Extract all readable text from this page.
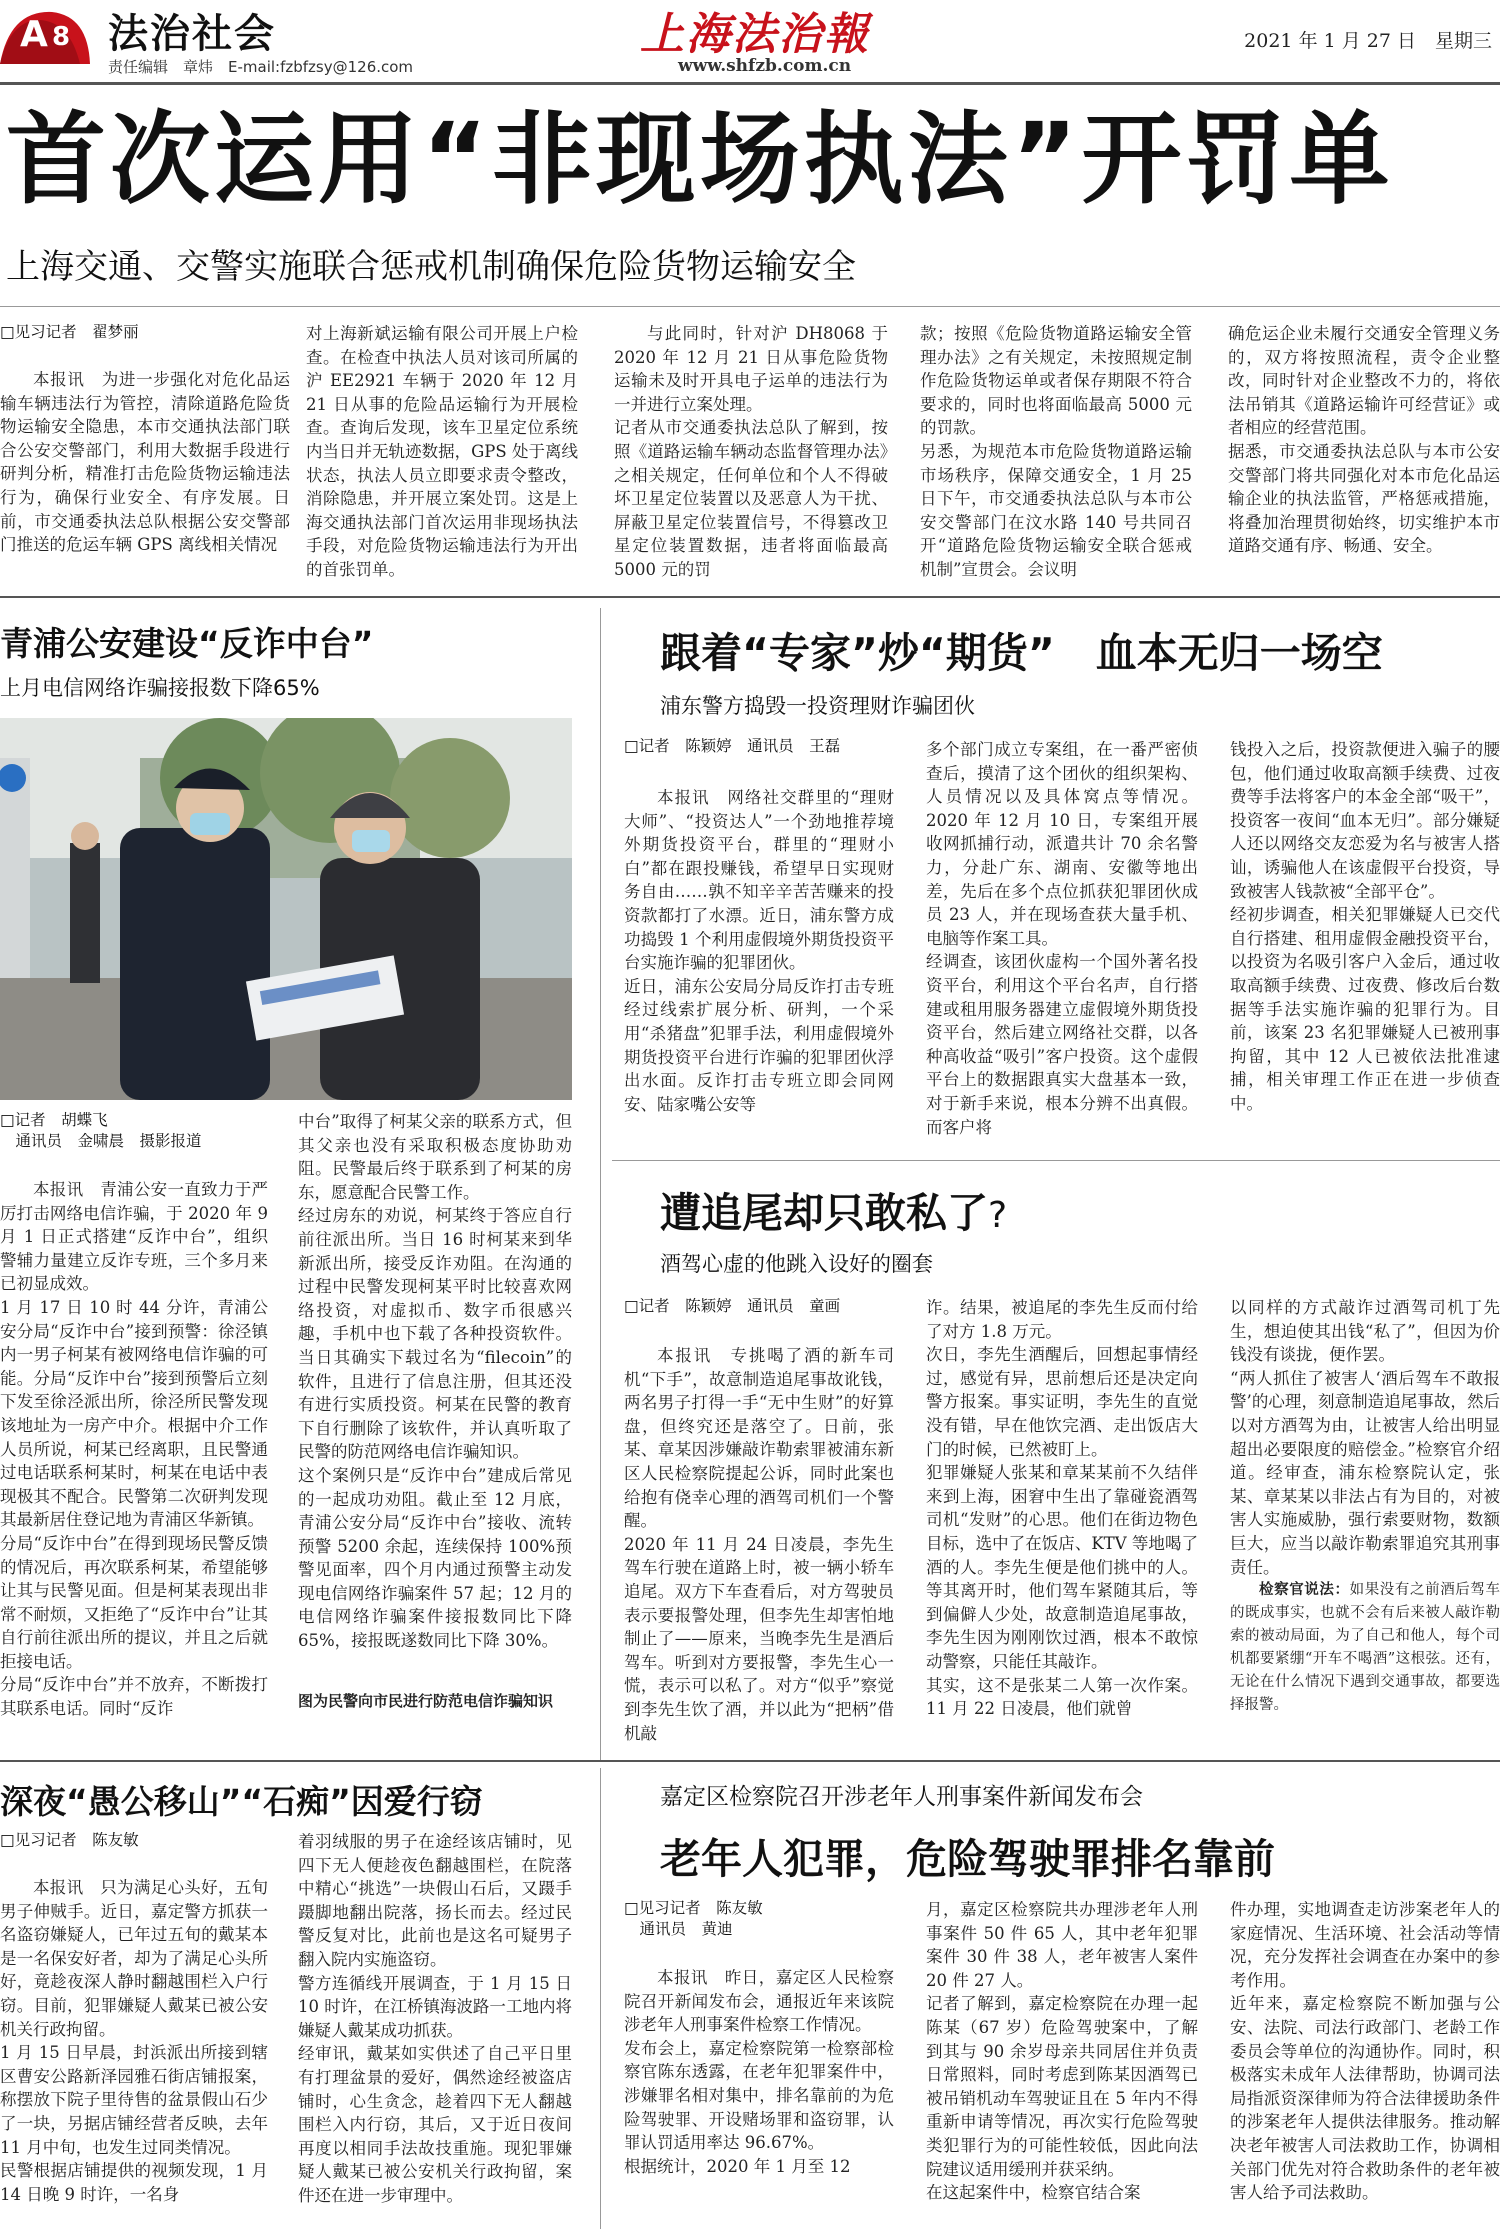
A 8 法治社会
责任编辑　章炜　E-mail:fzbfzsy@126.com
上海法治報
www.shfzb.com.cn
2021 年 1 月 27 日　星期三
首次运用“非现场执法”开罚单
上海交通、交警实施联合惩戒机制确保危险货物运输安全
□见习记者　翟梦丽
本报讯　为进一步强化对危化品运输车辆违法行为管控，清除道路危险货物运输安全隐患，本市交通执法部门联合公安交警部门，利用大数据手段进行研判分析，精准打击危险货物运输违法行为，确保行业安全、有序发展。日前，市交通委执法总队根据公安交警部门推送的危运车辆 GPS 离线相关情况
对上海新斌运输有限公司开展上户检查。在检查中执法人员对该司所属的沪 EE2921 车辆于 2020 年 12 月 21 日从事的危险品运输行为开展检查。查询后发现，该车卫星定位系统内当日并无轨迹数据，GPS 处于离线状态，执法人员立即要求责令整改，消除隐患，并开展立案处罚。这是上海交通执法部门首次运用非现场执法手段，对危险货物运输违法行为开出的首张罚单。
与此同时，针对沪 DH8068 于 2020 年 12 月 21 日从事危险货物运输未及时开具电子运单的违法行为一并进行立案处理。
记者从市交通委执法总队了解到，按照《道路运输车辆动态监督管理办法》之相关规定，任何单位和个人不得破坏卫星定位装置以及恶意人为干扰、屏蔽卫星定位装置信号，不得篡改卫星定位装置数据，违者将面临最高 5000 元的罚
款；按照《危险货物道路运输安全管理办法》之有关规定，未按照规定制作危险货物运单或者保存期限不符合要求的，同时也将面临最高 5000 元的罚款。
另悉，为规范本市危险货物道路运输市场秩序，保障交通安全，1 月 25 日下午，市交通委执法总队与本市公安交警部门在汶水路 140 号共同召开“道路危险货物运输安全联合惩戒机制”宣贯会。会议明
确危运企业未履行交通安全管理义务的，双方将按照流程，责令企业整改，同时针对企业整改不力的，将依法吊销其《道路运输许可经营证》或者相应的经营范围。
据悉，市交通委执法总队与本市公安交警部门将共同强化对本市危化品运输企业的执法监管，严格惩戒措施，将叠加治理贯彻始终，切实维护本市道路交通有序、畅通、安全。
青浦公安建设“反诈中台”
上月电信网络诈骗接报数下降65%
□记者　胡蝶飞
　通讯员　金啸晨　摄影报道
本报讯　青浦公安一直致力于严厉打击网络电信诈骗，于 2020 年 9 月 1 日正式搭建“反诈中台”，组织警辅力量建立反诈专班，三个多月来已初显成效。
1 月 17 日 10 时 44 分许，青浦公安分局“反诈中台”接到预警：徐泾镇内一男子柯某有被网络电信诈骗的可能。分局“反诈中台”接到预警后立刻下发至徐泾派出所，徐泾所民警发现该地址为一房产中介。根据中介工作人员所说，柯某已经离职，且民警通过电话联系柯某时，柯某在电话中表现极其不配合。民警第二次研判发现其最新居住登记地为青浦区华新镇。
分局“反诈中台”在得到现场民警反馈的情况后，再次联系柯某，希望能够让其与民警见面。但是柯某表现出非常不耐烦，又拒绝了“反诈中台”让其自行前往派出所的提议，并且之后就拒接电话。
分局“反诈中台”并不放弃，不断拨打其联系电话。同时“反诈
中台”取得了柯某父亲的联系方式，但其父亲也没有采取积极态度协助劝阻。民警最后终于联系到了柯某的房东，愿意配合民警工作。
经过房东的劝说，柯某终于答应自行前往派出所。当日 16 时柯某来到华新派出所，接受反诈劝阻。在沟通的过程中民警发现柯某平时比较喜欢网络投资，对虚拟币、数字币很感兴趣，手机中也下载了各种投资软件。当日其确实下载过名为“filecoin”的软件，且进行了信息注册，但其还没有进行实质投资。柯某在民警的教育下自行删除了该软件，并认真听取了民警的防范网络电信诈骗知识。
这个案例只是“反诈中台”建成后常见的一起成功劝阻。截止至 12 月底，青浦公安分局“反诈中台”接收、流转预警 5200 余起，连续保持 100%预警见面率，四个月内通过预警主动发现电信网络诈骗案件 57 起；12 月的电信网络诈骗案件接报数同比下降 65%，接报既遂数同比下降 30%。
图为民警向市民进行防范电信诈骗知识
跟着“专家”炒“期货”　血本无归一场空
浦东警方捣毁一投资理财诈骗团伙
□记者　陈颖婷　通讯员　王磊
本报讯　网络社交群里的“理财大师”、“投资达人”一个劲地推荐境外期货投资平台，群里的“理财小白”都在跟投赚钱，希望早日实现财务自由……孰不知辛辛苦苦赚来的投资款都打了水漂。近日，浦东警方成功捣毁 1 个利用虚假境外期货投资平台实施诈骗的犯罪团伙。
近日，浦东公安局分局反诈打击专班经过线索扩展分析、研判，一个采用“杀猪盘”犯罪手法，利用虚假境外期货投资平台进行诈骗的犯罪团伙浮出水面。反诈打击专班立即会同网安、陆家嘴公安等
多个部门成立专案组，在一番严密侦查后，摸清了这个团伙的组织架构、人员情况以及具体窝点等情况。2020 年 12 月 10 日，专案组开展收网抓捕行动，派遣共计 70 余名警力，分赴广东、湖南、安徽等地出差，先后在多个点位抓获犯罪团伙成员 23 人，并在现场查获大量手机、电脑等作案工具。
经调查，该团伙虚构一个国外著名投资平台，利用这个平台名声，自行搭建或租用服务器建立虚假境外期货投资平台，然后建立网络社交群，以各种高收益“吸引”客户投资。这个虚假平台上的数据跟真实大盘基本一致，对于新手来说，根本分辨不出真假。而客户将
钱投入之后，投资款便进入骗子的腰包，他们通过收取高额手续费、过夜费等手法将客户的本金全部“吸干”，投资客一夜间“血本无归”。部分嫌疑人还以网络交友恋爱为名与被害人搭讪，诱骗他人在该虚假平台投资，导致被害人钱款被“全部平仓”。
经初步调查，相关犯罪嫌疑人已交代自行搭建、租用虚假金融投资平台，以投资为名吸引客户入金后，通过收取高额手续费、过夜费、修改后台数据等手法实施诈骗的犯罪行为。目前，该案 23 名犯罪嫌疑人已被刑事拘留，其中 12 人已被依法批准逮捕，相关审理工作正在进一步侦查中。
遭追尾却只敢私了?
酒驾心虚的他跳入设好的圈套
□记者　陈颖婷　通讯员　童画
本报讯　专挑喝了酒的新车司机“下手”，故意制造追尾事故讹钱，两名男子打得一手“无中生财”的好算盘，但终究还是落空了。日前，张某、章某因涉嫌敲诈勒索罪被浦东新区人民检察院提起公诉，同时此案也给抱有侥幸心理的酒驾司机们一个警醒。
2020 年 11 月 24 日凌晨，李先生驾车行驶在道路上时，被一辆小轿车追尾。双方下车查看后，对方驾驶员表示要报警处理，但李先生却害怕地制止了——原来，当晚李先生是酒后驾车。听到对方要报警，李先生心一慌，表示可以私了。对方“似乎”察觉到李先生饮了酒，并以此为“把柄”借机敲
诈。结果，被追尾的李先生反而付给了对方 1.8 万元。
次日，李先生酒醒后，回想起事情经过，感觉有异，思前想后还是决定向警方报案。事实证明，李先生的直觉没有错，早在他饮完酒、走出饭店大门的时候，已然被盯上。
犯罪嫌疑人张某和章某某前不久结伴来到上海，困窘中生出了靠碰瓷酒驾司机“发财”的心思。他们在街边物色目标，选中了在饭店、KTV 等地喝了酒的人。李先生便是他们挑中的人。等其离开时，他们驾车紧随其后，等到偏僻人少处，故意制造追尾事故，李先生因为刚刚饮过酒，根本不敢惊动警察，只能任其敲诈。
其实，这不是张某二人第一次作案。11 月 22 日凌晨，他们就曾
以同样的方式敲诈过酒驾司机丁先生，想迫使其出钱“私了”，但因为价钱没有谈拢，便作罢。
“两人抓住了被害人‘酒后驾车不敢报警’的心理，刻意制造追尾事故，然后以对方酒驾为由，让被害人给出明显超出必要限度的赔偿金。”检察官介绍道。经审查，浦东检察院认定，张某、章某某以非法占有为目的，对被害人实施威胁，强行索要财物，数额巨大，应当以敲诈勒索罪追究其刑事责任。
检察官说法：如果没有之前酒后驾车的既成事实，也就不会有后来被人敲诈勒索的被动局面，为了自己和他人，每个司机都要紧绷“开车不喝酒”这根弦。还有，无论在什么情况下遇到交通事故，都要选择报警。
深夜“愚公移山”“石痴”因爱行窃
□见习记者　陈友敏
本报讯　只为满足心头好，五旬男子伸贼手。近日，嘉定警方抓获一名盗窃嫌疑人，已年过五旬的戴某本是一名保安好者，却为了满足心头所好，竟趁夜深人静时翻越围栏入户行窃。目前，犯罪嫌疑人戴某已被公安机关行政拘留。
1 月 15 日早晨，封浜派出所接到辖区曹安公路新泽园雅石街店铺报案，称摆放下院子里待售的盆景假山石少了一块，另据店铺经营者反映，去年 11 月中旬，也发生过同类情况。
民警根据店铺提供的视频发现，1 月 14 日晚 9 时许，一名身
着羽绒服的男子在途经该店铺时，见四下无人便趁夜色翻越围栏，在院落中精心“挑选”一块假山石后，又蹑手蹑脚地翻出院落，扬长而去。经过民警反复对比，此前也是这名可疑男子翻入院内实施盗窃。
警方连循线开展调查，于 1 月 15 日 10 时许，在江桥镇海波路一工地内将嫌疑人戴某成功抓获。
经审讯，戴某如实供述了自己平日里有打理盆景的爱好，偶然途经被盗店铺时，心生贪念，趁着四下无人翻越围栏入内行窃，其后，又于近日夜间再度以相同手法故技重施。现犯罪嫌疑人戴某已被公安机关行政拘留，案件还在进一步审理中。
嘉定区检察院召开涉老年人刑事案件新闻发布会
老年人犯罪，危险驾驶罪排名靠前
□见习记者　陈友敏
　通讯员　黄迪
本报讯　昨日，嘉定区人民检察院召开新闻发布会，通报近年来该院涉老年人刑事案件检察工作情况。
发布会上，嘉定检察院第一检察部检察官陈东透露，在老年犯罪案件中，涉嫌罪名相对集中，排名靠前的为危险驾驶罪、开设赌场罪和盗窃罪，认罪认罚适用率达 96.67%。
根据统计，2020 年 1 月至 12
月，嘉定区检察院共办理涉老年人刑事案件 50 件 65 人，其中老年犯罪案件 30 件 38 人，老年被害人案件 20 件 27 人。
记者了解到，嘉定检察院在办理一起陈某（67 岁）危险驾驶案中，了解到其与 90 余岁母亲共同居住并负责日常照料，同时考虑到陈某因酒驾已被吊销机动车驾驶证且在 5 年内不得重新申请等情况，再次实行危险驾驶类犯罪行为的可能性较低，因此向法院建议适用缓刑并获采纳。
在这起案件中，检察官结合案
件办理，实地调查走访涉案老年人的家庭情况、生活环境、社会活动等情况，充分发挥社会调查在办案中的参考作用。
近年来，嘉定检察院不断加强与公安、法院、司法行政部门、老龄工作委员会等单位的沟通协作。同时，积极落实未成年人法律帮助，协调司法局指派资深律师为符合法律援助条件的涉案老年人提供法律服务。推动解决老年被害人司法救助工作，协调相关部门优先对符合救助条件的老年被害人给予司法救助。
